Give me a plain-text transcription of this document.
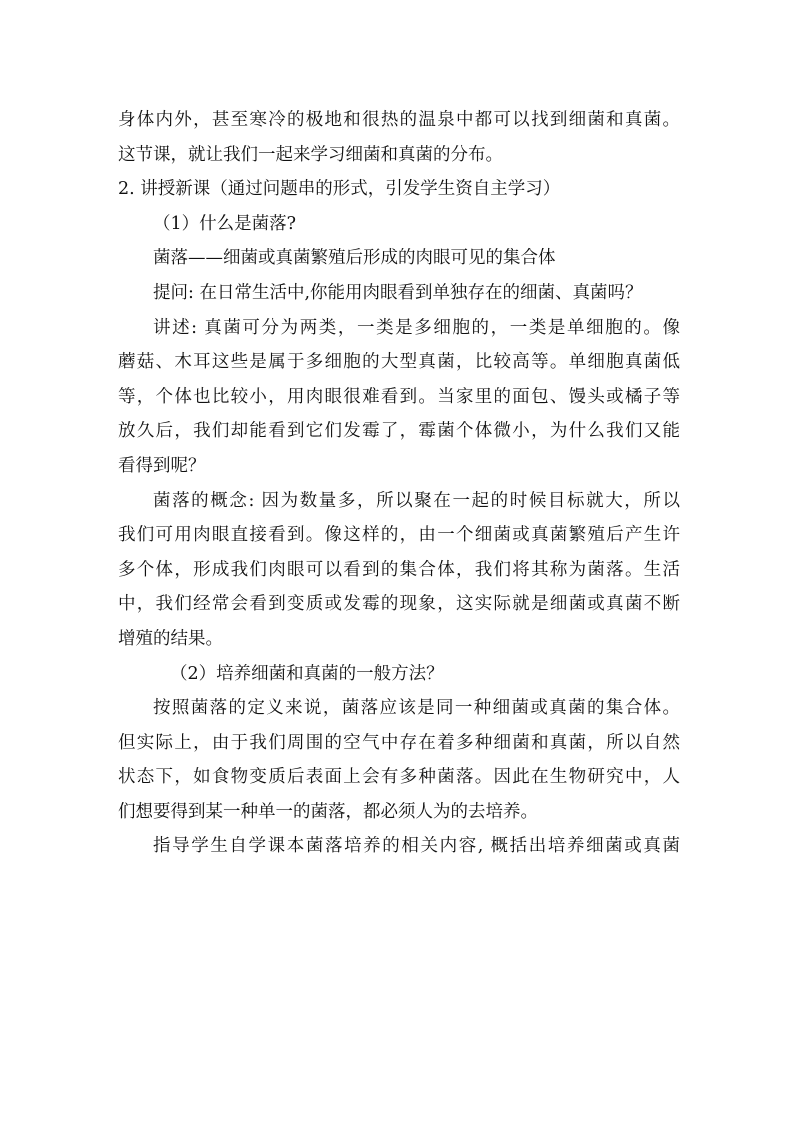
身体内外，甚至寒冷的极地和很热的温泉中都可以找到细菌和真菌。
这节课，就让我们一起来学习细菌和真菌的分布。
2. 讲授新课（通过问题串的形式，引发学生资自主学习）
（1）什么是菌落?
菌落——细菌或真菌繁殖后形成的肉眼可见的集合体
提问: 在日常生活中,你能用肉眼看到单独存在的细菌、真菌吗？
讲述: 真菌可分为两类，一类是多细胞的，一类是单细胞的。像
蘑菇、木耳这些是属于多细胞的大型真菌，比较高等。单细胞真菌低
等，个体也比较小，用肉眼很难看到。当家里的面包、馒头或橘子等
放久后，我们却能看到它们发霉了，霉菌个体微小，为什么我们又能
看得到呢？
菌落的概念: 因为数量多，所以聚在一起的时候目标就大，所以
我们可用肉眼直接看到。像这样的，由一个细菌或真菌繁殖后产生许
多个体，形成我们肉眼可以看到的集合体，我们将其称为菌落。生活
中，我们经常会看到变质或发霉的现象，这实际就是细菌或真菌不断
增殖的结果。
（2）培养细菌和真菌的一般方法？
按照菌落的定义来说，菌落应该是同一种细菌或真菌的集合体。
但实际上，由于我们周围的空气中存在着多种细菌和真菌，所以自然
状态下，如食物变质后表面上会有多种菌落。因此在生物研究中，人
们想要得到某一种单一的菌落，都必须人为的去培养。
指导学生自学课本菌落培养的相关内容, 概括出培养细菌或真菌
